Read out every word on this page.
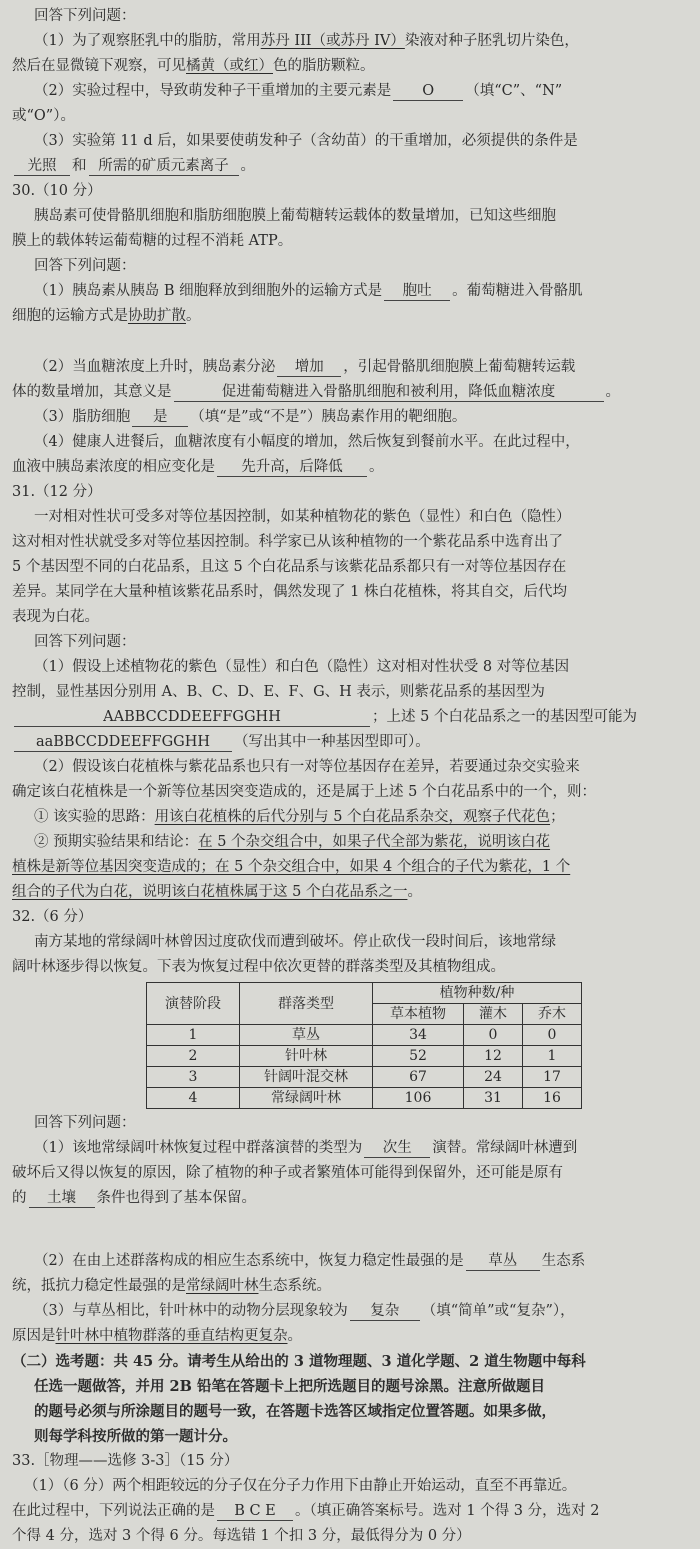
回答下列问题：
（1）为了观察胚乳中的脂肪，常用苏丹 III（或苏丹 IV）染液对种子胚乳切片染色，
然后在显微镜下观察，可见橘黄（或红）色的脂肪颗粒。
（2）实验过程中，导致萌发种子干重增加的主要元素是 O （填“C”、“N”
或“O”）。
（3）实验第 11 d 后，如果要使萌发种子（含幼苗）的干重增加，必须提供的条件是
光照 和 所需的矿质元素离子 。
30.（10 分）
胰岛素可使骨骼肌细胞和脂肪细胞膜上葡萄糖转运载体的数量增加，已知这些细胞
膜上的载体转运葡萄糖的过程不消耗 ATP。
回答下列问题：
（1）胰岛素从胰岛 B 细胞释放到细胞外的运输方式是 胞吐 。葡萄糖进入骨骼肌
细胞的运输方式是协助扩散。
（2）当血糖浓度上升时，胰岛素分泌 增加 ，引起骨骼肌细胞膜上葡萄糖转运载
体的数量增加，其意义是	促进葡萄糖进入骨骼肌细胞和被利用，降低血糖浓度	。
（3）脂肪细胞 是 （填“是”或“不是”）胰岛素作用的靶细胞。
（4）健康人进餐后，血糖浓度有小幅度的增加，然后恢复到餐前水平。在此过程中，
血液中胰岛素浓度的相应变化是 先升高，后降低 。
31.（12 分）
一对相对性状可受多对等位基因控制，如某种植物花的紫色（显性）和白色（隐性）
这对相对性状就受多对等位基因控制。科学家已从该种植物的一个紫花品系中选育出了
5 个基因型不同的白花品系，且这 5 个白花品系与该紫花品系都只有一对等位基因存在
差异。某同学在大量种植该紫花品系时，偶然发现了 1 株白花植株，将其自交，后代均
表现为白花。
回答下列问题：
（1）假设上述植物花的紫色（显性）和白色（隐性）这对相对性状受 8 对等位基因
控制，显性基因分别用 A、B、C、D、E、F、G、H 表示，则紫花品系的基因型为
AABBCCDDEEFFGGHH	；上述 5 个白花品系之一的基因型可能为
aaBBCCDDEEFFGGHH （写出其中一种基因型即可）。
（2）假设该白花植株与紫花品系也只有一对等位基因存在差异，若要通过杂交实验来
确定该白花植株是一个新等位基因突变造成的，还是属于上述 5 个白花品系中的一个，则：
① 该实验的思路：用该白花植株的后代分别与 5 个白花品系杂交，观察子代花色；
② 预期实验结果和结论：在 5 个杂交组合中，如果子代全部为紫花，说明该白花
植株是新等位基因突变造成的；在 5 个杂交组合中，如果 4 个组合的子代为紫花，1 个
组合的子代为白花，说明该白花植株属于这 5 个白花品系之一。
32.（6 分）
南方某地的常绿阔叶林曾因过度砍伐而遭到破坏。停止砍伐一段时间后，该地常绿
阔叶林逐步得以恢复。下表为恢复过程中依次更替的群落类型及其植物组成。
演替阶段	群落类型	植物种数/种		
		草本植物	灌木	乔木
1	草丛	34	0	0
2	针叶林	52	12	1
3	针阔叶混交林	67	24	17
4	常绿阔叶林	106	31	16
回答下列问题：
（1）该地常绿阔叶林恢复过程中群落演替的类型为 次生 演替。常绿阔叶林遭到
破坏后又得以恢复的原因，除了植物的种子或者繁殖体可能得到保留外，还可能是原有
的 土壤 条件也得到了基本保留。
（2）在由上述群落构成的相应生态系统中，恢复力稳定性最强的是 草丛 生态系
统，抵抗力稳定性最强的是常绿阔叶林生态系统。
（3）与草丛相比，针叶林中的动物分层现象较为 复杂 （填“简单”或“复杂”），
原因是针叶林中植物群落的垂直结构更复杂。
（二）选考题：共 45 分。请考生从给出的 3 道物理题、3 道化学题、2 道生物题中每科
任选一题做答，并用 2B 铅笔在答题卡上把所选题目的题号涂黑。注意所做题目
的题号必须与所涂题目的题号一致，在答题卡选答区域指定位置答题。如果多做，
则每学科按所做的第一题计分。
33.［物理——选修 3-3］（15 分）
（1）（6 分）两个相距较远的分子仅在分子力作用下由静止开始运动，直至不再靠近。
在此过程中，下列说法正确的是 B C E 。（填正确答案标号。选对 1 个得 3 分，选对 2
个得 4 分，选对 3 个得 6 分。每选错 1 个扣 3 分，最低得分为 0 分）
